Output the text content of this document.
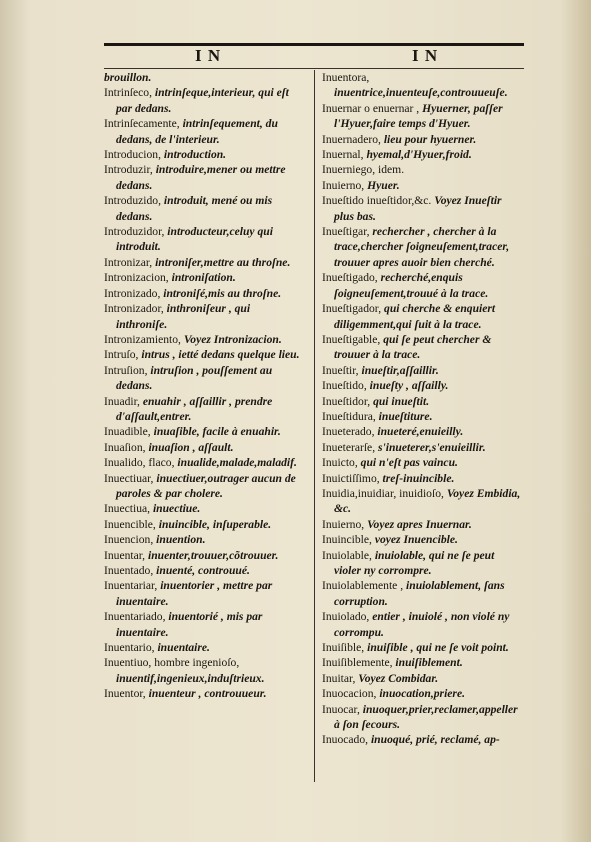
I N	I N

brouillon.

Intrinſeco, intrinſeque,interieur, qui eſt par dedans.

Intrinſecamente, intrinſequement, du dedans, de l'interieur.

Introducion, introduction.

Introduzir, introduire,mener ou mettre dedans.

Introduzido, introduit, mené ou mis dedans.

Introduzidor, introducteur,celuy qui introduit.

Intronizar, introniſer,mettre au throſne.

Intronizacion, introniſation.

Intronizado, introniſé,mis au throſne.

Intronizador, inthroniſeur , qui inthroniſe.

Intronizamiento, Voyez Intronizacion.

Intruſo, intrus , ietté dedans quelque lieu.

Intruſion, intruſion , pouſſement au dedans.

Inuadir, enuahir , aſſaillir , prendre d'aſſault,entrer.

Inuadible, inuaſible, facile à enuahir.

Inuaſion, inuaſion , aſſault.

Inualido, flaco, inualide,malade,maladif.

Inuectiuar, inuectiuer,outrager aucun de paroles & par cholere.

Inuectiua, inuectiue.

Inuencible, inuincible, inſuperable.

Inuencion, inuention.

Inuentar, inuenter,trouuer,cõtrouuer.

Inuentado, inuenté, controuué.

Inuentariar, inuentorier , mettre par inuentaire.

Inuentariado, inuentorié , mis par inuentaire.

Inuentario, inuentaire.

Inuentiuo, hombre ingenioſo, inuentif,ingenieux,induſtrieux.

Inuentor, inuenteur , controuueur.

Inuentora, inuentrice,inuenteuſe,controuueuſe.

Inuernar o enuernar , Hyuerner, paſſer l'Hyuer,faire temps d'Hyuer.

Inuernadero, lieu pour hyuerner.

Inuernal, hyemal,d'Hyuer,froid.

Inuerniego, idem.

Inuierno, Hyuer.

Inueſtido inueſtidor,&c. Voyez Inueſtir plus bas.

Inueſtigar, rechercher , chercher à la trace,chercher ſoigneuſement,tracer, trouuer apres auoir bien cherché.

Inueſtigado, recherché,enquis ſoigneuſement,trouué à la trace.

Inueſtigador, qui cherche & enquiert diligemment,qui ſuit à la trace.

Inueſtigable, qui ſe peut chercher & trouuer à la trace.

Inueſtir, inueſtir,aſſaillir.

Inueſtido, inueſty , aſſailly.

Inueſtidor, qui inueſtit.

Inueſtidura, inueſtiture.

Inueterado, inueteré,enuieilly.

Inueterarſe, s'inueterer,s'enuieillir.

Inuicto, qui n'eſt pas vaincu.

Inuictiſſimo, treſ-inuincible.

Inuidia,inuidiar, inuidioſo, Voyez Embidia, &c.

Inuierno, Voyez apres Inuernar.

Inuincible, voyez Inuencible.

Inuiolable, inuiolable, qui ne ſe peut violer ny corrompre.

Inuiolablemente , inuiolablement, ſans corruption.

Inuiolado, entier , inuiolé , non violé ny corrompu.

Inuiſible, inuiſible , qui ne ſe voit point.

Inuiſiblemente, inuiſiblement.

Inuitar, Voyez Combidar.

Inuocacion, inuocation,priere.

Inuocar, inuoquer,prier,reclamer,appeller à ſon ſecours.

Inuocado, inuoqué, prié, reclamé, ap-
